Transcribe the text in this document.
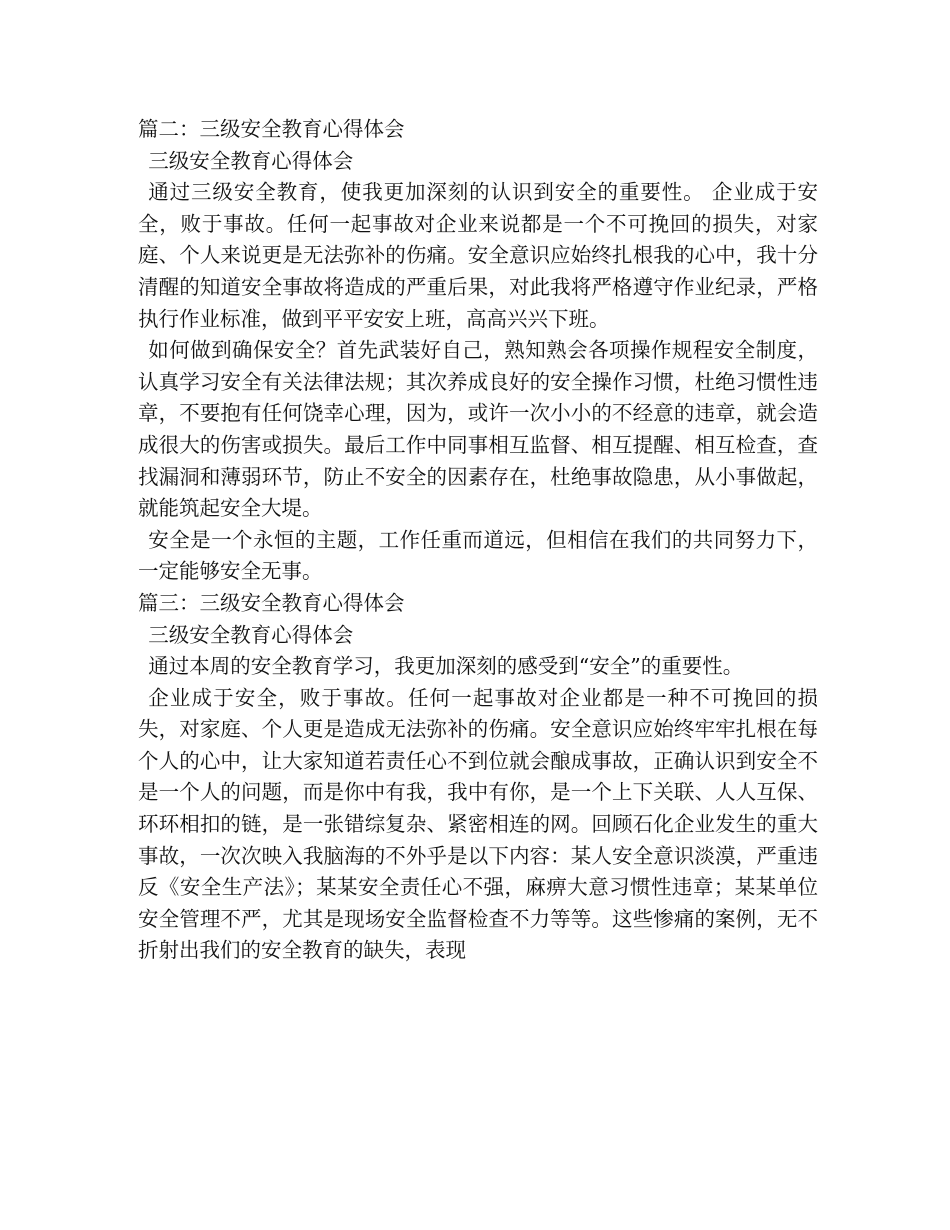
篇二：三级安全教育心得体会

三级安全教育心得体会

通过三级安全教育，使我更加深刻的认识到安全的重要性。 企业成于安全，败于事故。任何一起事故对企业来说都是一个不可挽回的损失，对家庭、个人来说更是无法弥补的伤痛。安全意识应始终扎根我的心中，我十分清醒的知道安全事故将造成的严重后果，对此我将严格遵守作业纪录，严格执行作业标准，做到平平安安上班，高高兴兴下班。

如何做到确保安全？首先武装好自己，熟知熟会各项操作规程安全制度，认真学习安全有关法律法规；其次养成良好的安全操作习惯，杜绝习惯性违章，不要抱有任何饶幸心理，因为，或许一次小小的不经意的违章，就会造成很大的伤害或损失。最后工作中同事相互监督、相互提醒、相互检查，查找漏洞和薄弱环节，防止不安全的因素存在，杜绝事故隐患，从小事做起，就能筑起安全大堤。

安全是一个永恒的主题，工作任重而道远，但相信在我们的共同努力下，一定能够安全无事。

篇三：三级安全教育心得体会

三级安全教育心得体会

通过本周的安全教育学习，我更加深刻的感受到“安全”的重要性。

企业成于安全，败于事故。任何一起事故对企业都是一种不可挽回的损失，对家庭、个人更是造成无法弥补的伤痛。安全意识应始终牢牢扎根在每个人的心中，让大家知道若责任心不到位就会酿成事故，正确认识到安全不是一个人的问题，而是你中有我，我中有你，是一个上下关联、人人互保、环环相扣的链，是一张错综复杂、紧密相连的网。回顾石化企业发生的重大事故，一次次映入我脑海的不外乎是以下内容：某人安全意识淡漠，严重违反《安全生产法》；某某安全责任心不强，麻痹大意习惯性违章；某某单位安全管理不严，尤其是现场安全监督检查不力等等。这些惨痛的案例，无不折射出我们的安全教育的缺失，表现
